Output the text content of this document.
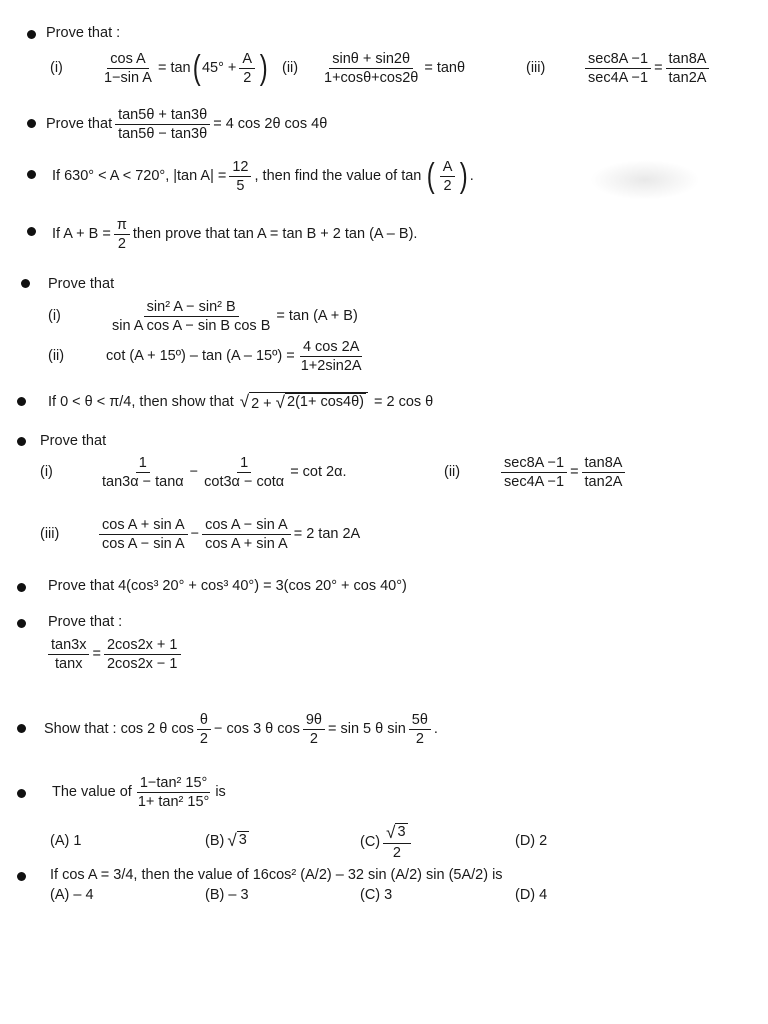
Prove that :
(i)	$\frac{\text{cos A}}{\text{1−sin A}} = \tan$ ( $45^\circ + \frac{A}{2}$ ) (ii)	$\frac{\sin\theta + \sin 2\theta}{1+\cos\theta+\cos 2\theta} = \tan\theta$	(iii)	$\frac{\sec 8A -1}{\sec 4A -1} = \frac{\tan 8A}{\tan 2A}$
Prove that $\frac{\tan 5\theta + \tan 3\theta}{\tan 5\theta - \tan 3\theta} = 4$ cos 2θ cos 4θ
If 630° < A < 720°, |tan $A| = \frac{12}{5}$ , then find the value of tan ( $\frac{A}{2}$ ) .
If $A + B = \frac{\pi}{2}$ then prove that tan A = tan B + 2 tan (A – B).
Prove that
(i)	$\frac{\text{sin² A − sin² B}}{\text{sin A cos A − sin B cos B}} = \tan (A + B)$
(ii)	cot (A + 15º) – tan (A – 15º) = $\frac{4 \cos 2A}{1+2\sin 2A}$
If 0 < θ < π/4, then show that √ 2 + √ 2(1+ cos4θ) = 2 cos θ
Prove that
(i)	$\frac{1}{\tan 3\alpha - \tan\alpha} - \frac{1}{\cot 3\alpha - \cot\alpha} = \cot 2\alpha$.	(ii)	$\frac{\sec 8A -1}{\sec 4A -1} = \frac{\tan 8A}{\tan 2A}$
(iii)	$\frac{\text{cos A + sin A}}{\text{cos A − sin A}} - \frac{\text{cos A − sin A}}{\text{cos A + sin A}} = 2$ tan 2A
Prove that 4(cos³ 20° + cos³ 40°) = 3(cos 20° + cos 40°)
Prove that :
$\frac{\tan 3x}{\tan x} = \frac{2\cos 2x + 1}{2\cos 2x - 1}$
Show that : cos 2 θ $\cos \frac{\theta}{2} - \cos 3$ θ $\cos \frac{9\theta}{2} = \sin 5$ θ $\sin \frac{5\theta}{2}$ .
The value of $\frac{\text{1−tan² 15°}}{\text{1+ tan² 15°}}$ is
(A) 1	(B) √ 3	$(C) \frac{√ 3}{2}$	(D) 2
If cos A = 3/4, then the value of 16cos² (A/2) – 32 sin (A/2) sin (5A/2) is
(A) – 4	(B) – 3	(C) 3	(D) 4
